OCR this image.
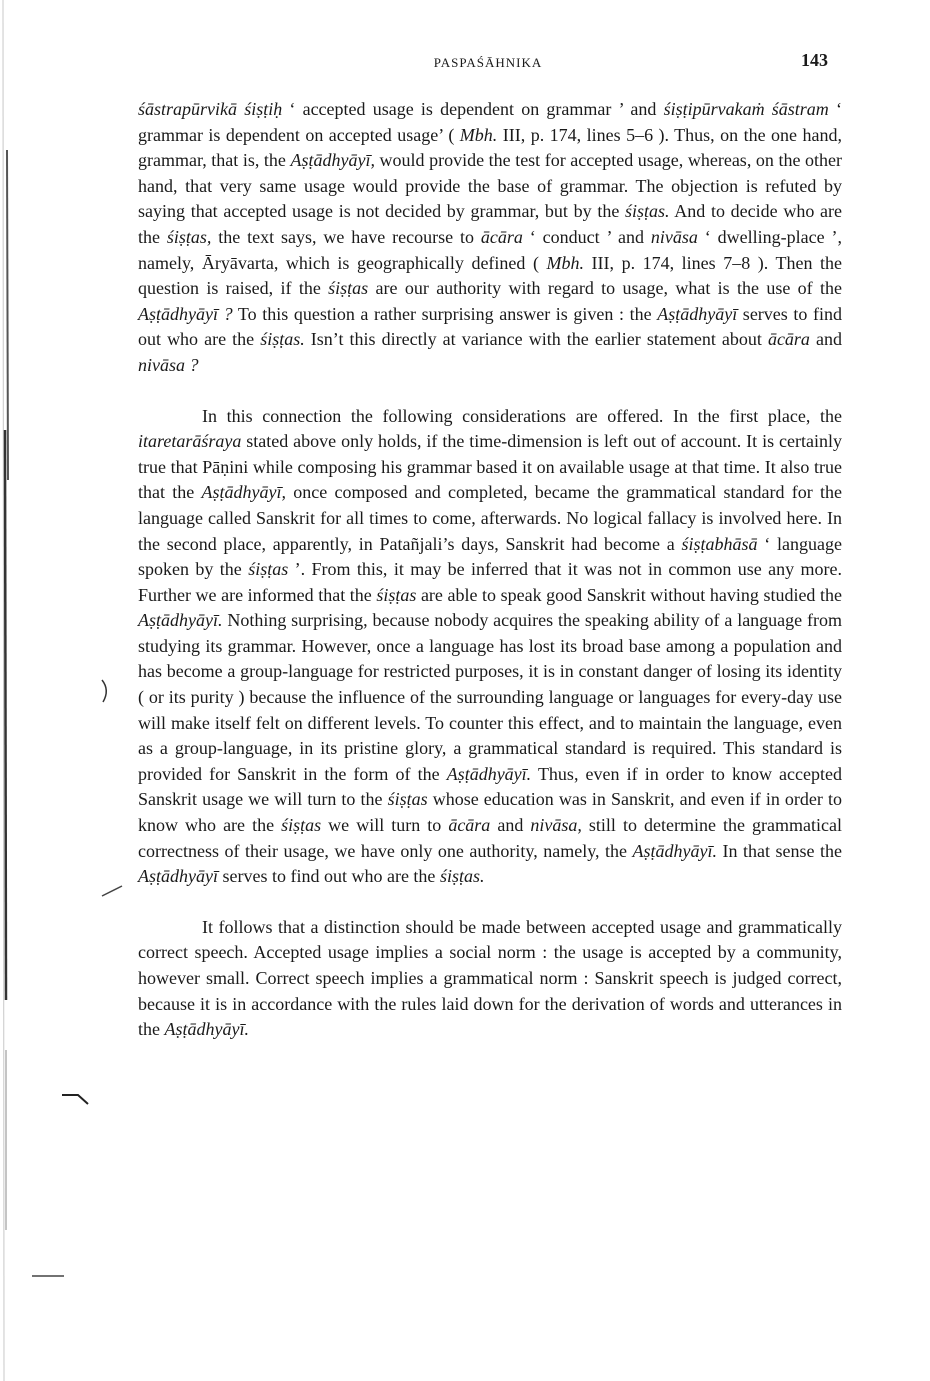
PASPAŚĀHNIKA	143

śāstrapūrvikā śiṣṭiḥ ‘ accepted usage is dependent on grammar ’ and śiṣṭipūrvakaṁ śāstram ‘ grammar is dependent on accepted usage’ ( Mbh. III, p. 174, lines 5–6 ). Thus, on the one hand, grammar, that is, the Aṣṭādhyāyī, would provide the test for accepted usage, whereas, on the other hand, that very same usage would provide the base of grammar. The objection is refuted by saying that accepted usage is not decided by grammar, but by the śiṣṭas. And to decide who are the śiṣṭas, the text says, we have recourse to ācāra ‘ conduct ’ and nivāsa ‘ dwelling-place ’, namely, Āryāvarta, which is geographically defined ( Mbh. III, p. 174, lines 7–8 ). Then the question is raised, if the śiṣṭas are our authority with regard to usage, what is the use of the Aṣṭādhyāyī ? To this question a rather surprising answer is given : the Aṣṭādhyāyī serves to find out who are the śiṣṭas. Isn’t this directly at variance with the earlier statement about ācāra and nivāsa ?

In this connection the following considerations are offered. In the first place, the itaretarāśraya stated above only holds, if the time-dimension is left out of account. It is certainly true that Pāṇini while composing his grammar based it on available usage at that time. It also true that the Aṣṭādhyāyī, once composed and completed, became the grammatical standard for the language called Sanskrit for all times to come, afterwards. No logical fallacy is involved here. In the second place, apparently, in Patañjali’s days, Sanskrit had become a śiṣṭabhāsā ‘ language spoken by the śiṣṭas ’. From this, it may be inferred that it was not in common use any more. Further we are informed that the śiṣṭas are able to speak good Sanskrit without having studied the Aṣṭādhyāyī. Nothing surprising, because nobody acquires the speaking ability of a language from studying its grammar. However, once a language has lost its broad base among a population and has become a group-language for restricted purposes, it is in constant danger of losing its identity ( or its purity ) because the influence of the surrounding language or languages for every-day use will make itself felt on different levels. To counter this effect, and to maintain the language, even as a group-language, in its pristine glory, a grammatical standard is required. This standard is provided for Sanskrit in the form of the Aṣṭādhyāyī. Thus, even if in order to know accepted Sanskrit usage we will turn to the śiṣṭas whose education was in Sanskrit, and even if in order to know who are the śiṣṭas we will turn to ācāra and nivāsa, still to determine the grammatical correctness of their usage, we have only one authority, namely, the Aṣṭādhyāyī. In that sense the Aṣṭādhyāyī serves to find out who are the śiṣṭas.

It follows that a distinction should be made between accepted usage and grammatically correct speech. Accepted usage implies a social norm : the usage is accepted by a community, however small. Correct speech implies a grammatical norm : Sanskrit speech is judged correct, because it is in accordance with the rules laid down for the derivation of words and utterances in the Aṣṭādhyāyī.
